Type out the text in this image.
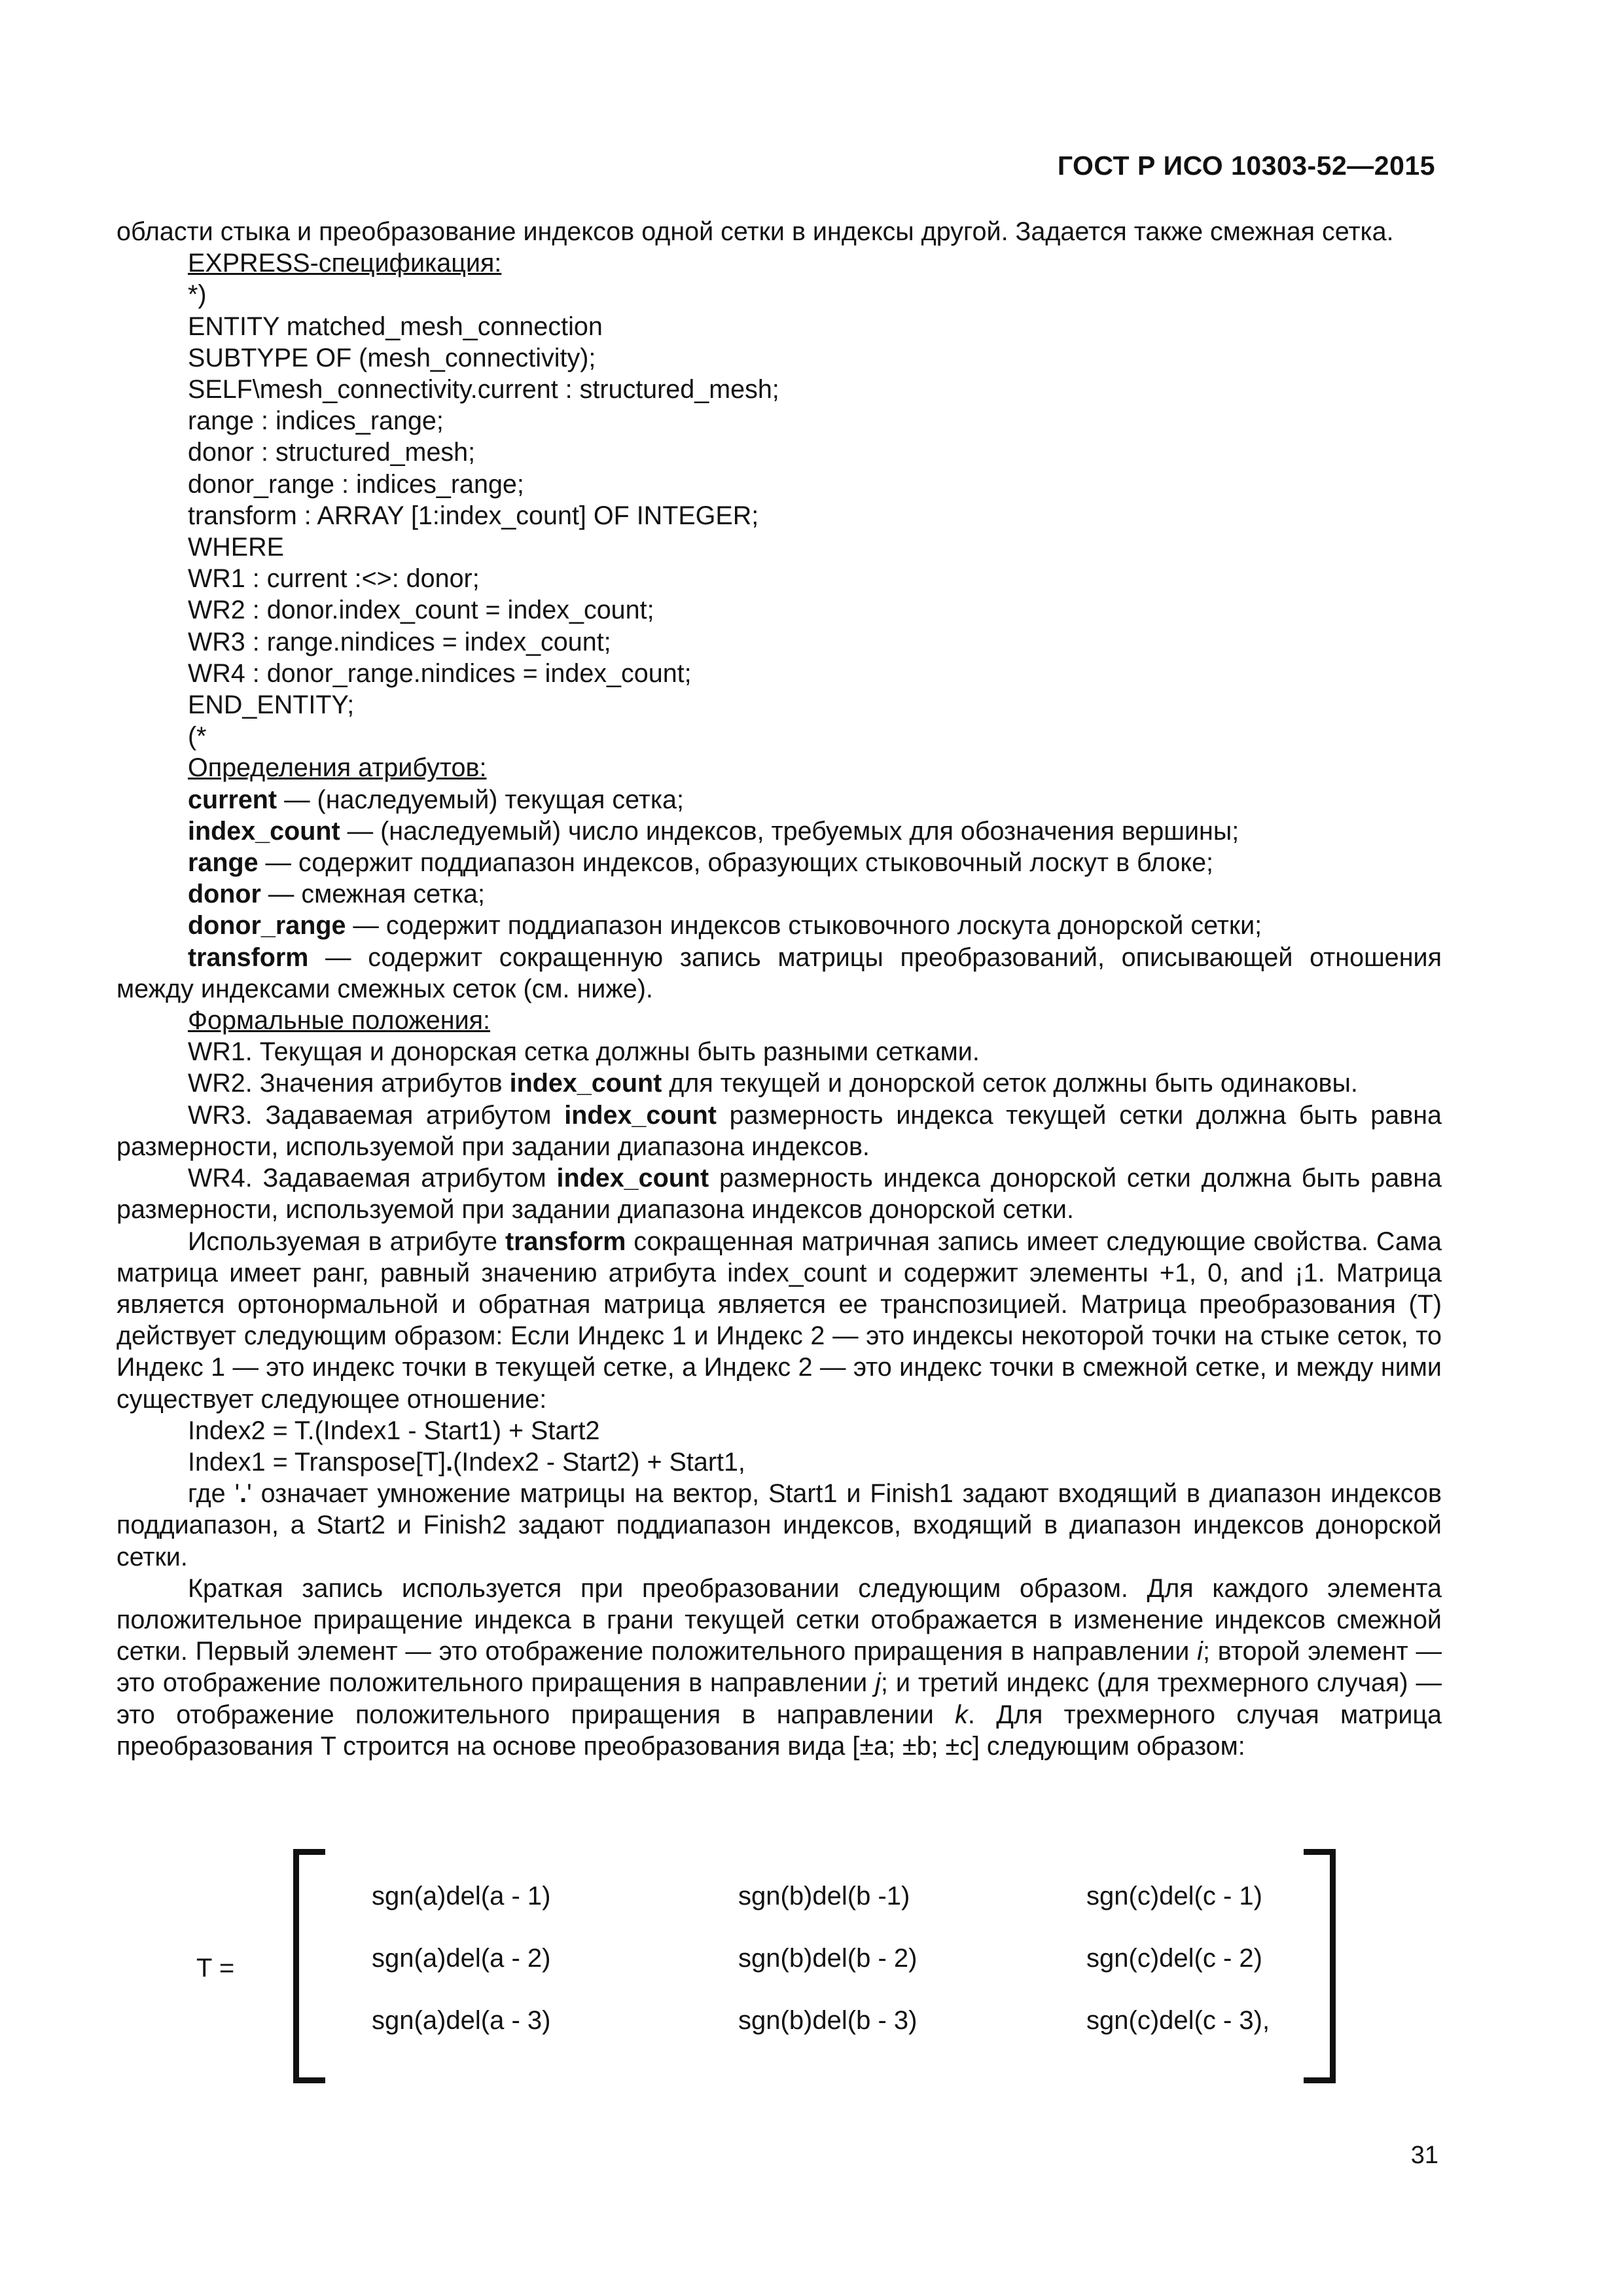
ГОСТ Р ИСО 10303-52—2015

области стыка и преобразование индексов одной сетки в индексы другой. Задается также смежная сетка.

EXPRESS-спецификация:
*)
ENTITY matched_mesh_connection
SUBTYPE OF (mesh_connectivity);
SELF\mesh_connectivity.current : structured_mesh;
range : indices_range;
donor : structured_mesh;
donor_range : indices_range;
transform : ARRAY [1:index_count] OF INTEGER;
WHERE
WR1 : current :<>: donor;
WR2 : donor.index_count = index_count;
WR3 : range.nindices = index_count;
WR4 : donor_range.nindices = index_count;
END_ENTITY;
(*
Определения атрибутов:
current — (наследуемый) текущая сетка;
index_count — (наследуемый) число индексов, требуемых для обозначения вершины;
range — содержит поддиапазон индексов, образующих стыковочный лоскут в блоке;
donor — смежная сетка;
donor_range — содержит поддиапазон индексов стыковочного лоскута донорской сетки;

transform — содержит сокращенную запись матрицы преобразований, описывающей отношения между индексами смежных сеток (см. ниже).

Формальные положения:

WR1. Текущая и донорская сетка должны быть разными сетками.

WR2. Значения атрибутов index_count для текущей и донорской сеток должны быть одинаковы.

WR3. Задаваемая атрибутом index_count размерность индекса текущей сетки должна быть равна размерности, используемой при задании диапазона индексов.

WR4. Задаваемая атрибутом index_count размерность индекса донорской сетки должна быть равна размерности, используемой при задании диапазона индексов донорской сетки.

Используемая в атрибуте transform сокращенная матричная запись имеет следующие свойства. Сама матрица имеет ранг, равный значению атрибута index_count и содержит элементы +1, 0, and ¡1. Матрица является ортонормальной и обратная матрица является ее транспозицией. Матрица преобразования (T) действует следующим образом: Если Индекс 1 и Индекс 2 — это индексы некоторой точки на стыке сеток, то Индекс 1 — это индекс точки в текущей сетке, а Индекс 2 — это индекс точки в смежной сетке, и между ними существует следующее отношение:

Index2 = T.(Index1 - Start1) + Start2
Index1 = Transpose[T].(Index2 - Start2) + Start1,

где '.' означает умножение матрицы на вектор, Start1 и Finish1 задают входящий в диапазон индексов поддиапазон, а Start2 и Finish2 задают поддиапазон индексов, входящий в диапазон индексов донорской сетки.

Краткая запись используется при преобразовании следующим образом. Для каждого элемента положительное приращение индекса в грани текущей сетки отображается в изменение индексов смежной сетки. Первый элемент — это отображение положительного приращения в направлении i; второй элемент — это отображение положительного приращения в направлении j; и третий индекс (для трехмерного случая) — это отображение положительного приращения в направлении k. Для трехмерного случая матрица преобразования T строится на основе преобразования вида [±a; ±b; ±c] следующим образом:

T =
sgn(a)del(a - 1)	sgn(b)del(b -1)	sgn(c)del(c - 1)
sgn(a)del(a - 2)	sgn(b)del(b - 2)	sgn(c)del(c - 2)
sgn(a)del(a - 3)	sgn(b)del(b - 3)	sgn(c)del(c - 3),
31
